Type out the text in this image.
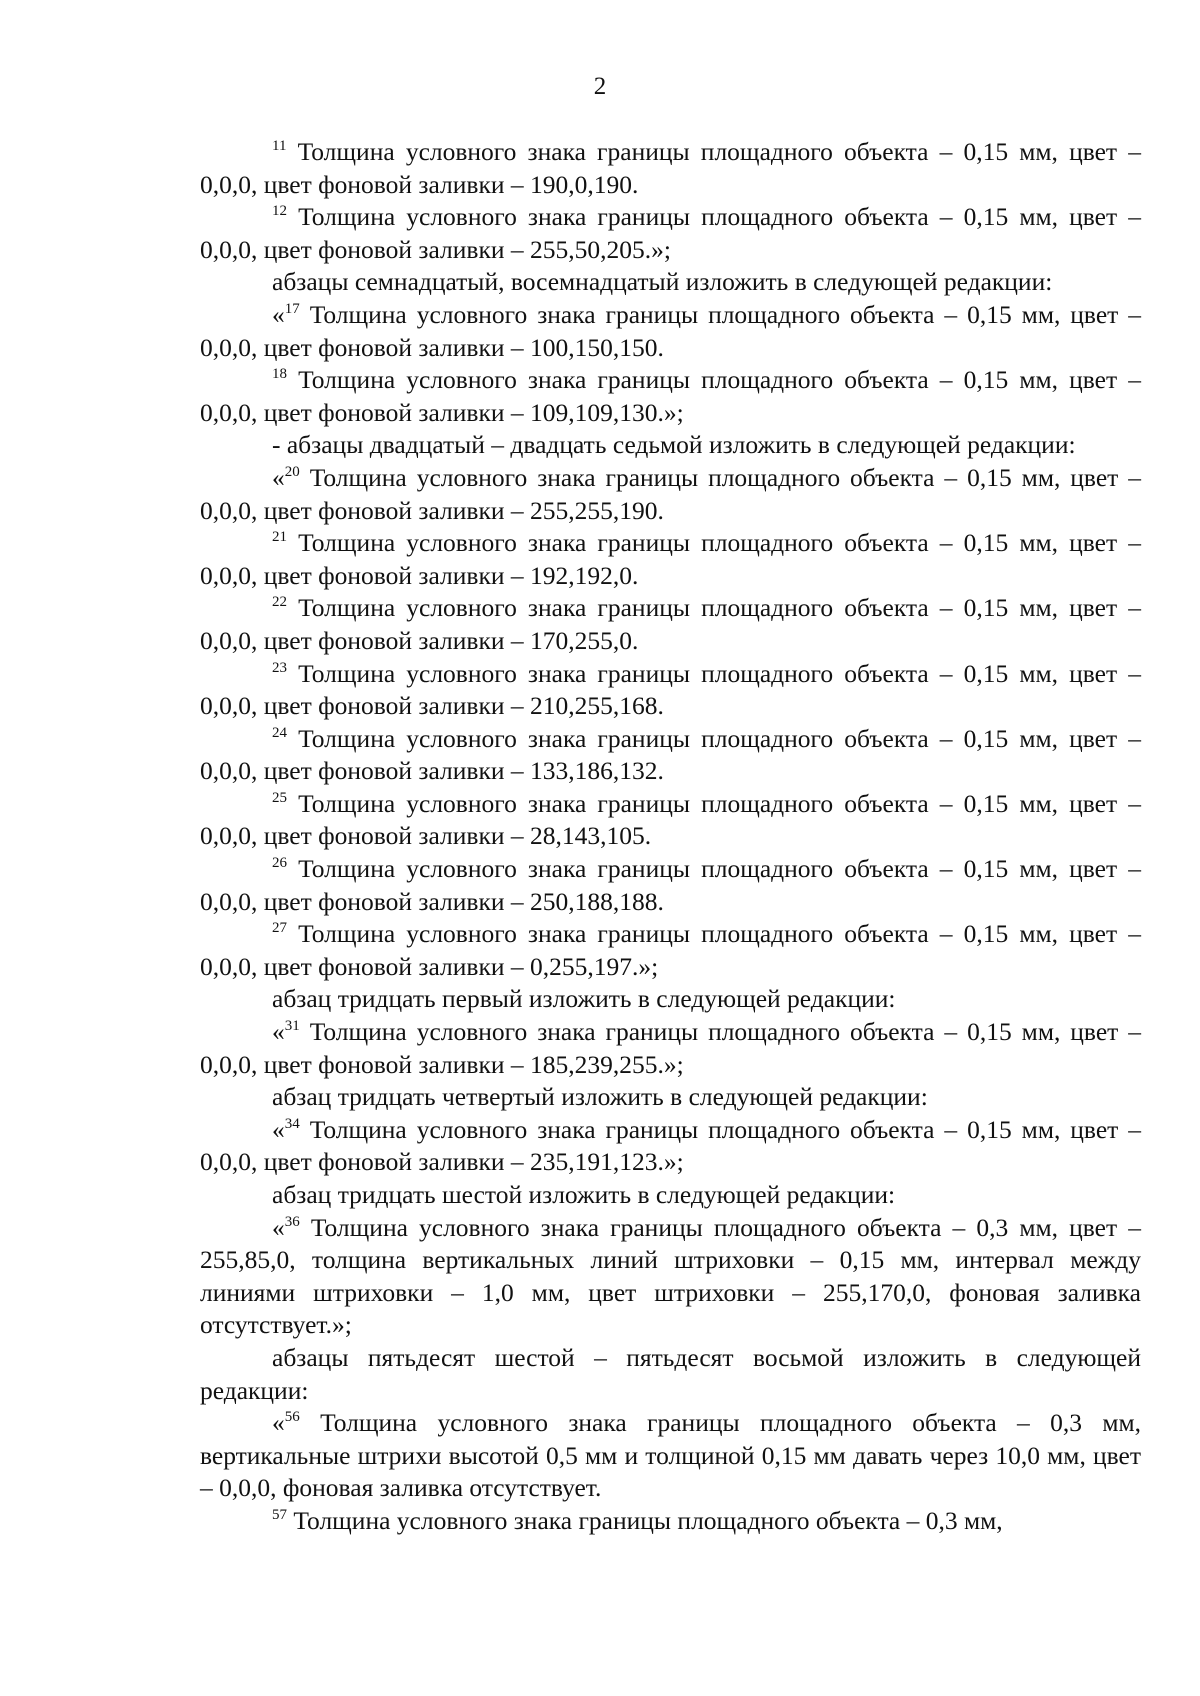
2

$^{11}$ Толщина условного знака границы площадного объекта – 0,15 мм, цвет – 0,0,0, цвет фоновой заливки – 190,0,190.

$^{12}$ Толщина условного знака границы площадного объекта – 0,15 мм, цвет – 0,0,0, цвет фоновой заливки – 255,50,205.»;

абзацы семнадцатый, восемнадцатый изложить в следующей редакции:

«$^{17}$ Толщина условного знака границы площадного объекта – 0,15 мм, цвет – 0,0,0, цвет фоновой заливки – 100,150,150.

$^{18}$ Толщина условного знака границы площадного объекта – 0,15 мм, цвет – 0,0,0, цвет фоновой заливки – 109,109,130.»;

- абзацы двадцатый – двадцать седьмой изложить в следующей редакции:

«$^{20}$ Толщина условного знака границы площадного объекта – 0,15 мм, цвет – 0,0,0, цвет фоновой заливки – 255,255,190.

$^{21}$ Толщина условного знака границы площадного объекта – 0,15 мм, цвет – 0,0,0, цвет фоновой заливки – 192,192,0.

$^{22}$ Толщина условного знака границы площадного объекта – 0,15 мм, цвет – 0,0,0, цвет фоновой заливки – 170,255,0.

$^{23}$ Толщина условного знака границы площадного объекта – 0,15 мм, цвет – 0,0,0, цвет фоновой заливки – 210,255,168.

$^{24}$ Толщина условного знака границы площадного объекта – 0,15 мм, цвет – 0,0,0, цвет фоновой заливки – 133,186,132.

$^{25}$ Толщина условного знака границы площадного объекта – 0,15 мм, цвет – 0,0,0, цвет фоновой заливки – 28,143,105.

$^{26}$ Толщина условного знака границы площадного объекта – 0,15 мм, цвет – 0,0,0, цвет фоновой заливки – 250,188,188.

$^{27}$ Толщина условного знака границы площадного объекта – 0,15 мм, цвет – 0,0,0, цвет фоновой заливки – 0,255,197.»;

абзац тридцать первый изложить в следующей редакции:

«$^{31}$ Толщина условного знака границы площадного объекта – 0,15 мм, цвет – 0,0,0, цвет фоновой заливки – 185,239,255.»;

абзац тридцать четвертый изложить в следующей редакции:

«$^{34}$ Толщина условного знака границы площадного объекта – 0,15 мм, цвет – 0,0,0, цвет фоновой заливки – 235,191,123.»;

абзац тридцать шестой изложить в следующей редакции:

«$^{36}$ Толщина условного знака границы площадного объекта – 0,3 мм, цвет – 255,85,0, толщина вертикальных линий штриховки – 0,15 мм, интервал между линиями штриховки – 1,0 мм, цвет штриховки – 255,170,0, фоновая заливка отсутствует.»;

абзацы пятьдесят шестой – пятьдесят восьмой изложить в следующей редакции:

«$^{56}$ Толщина условного знака границы площадного объекта – 0,3 мм, вертикальные штрихи высотой 0,5 мм и толщиной 0,15 мм давать через 10,0 мм, цвет – 0,0,0, фоновая заливка отсутствует.

$^{57}$ Толщина условного знака границы площадного объекта – 0,3 мм,
